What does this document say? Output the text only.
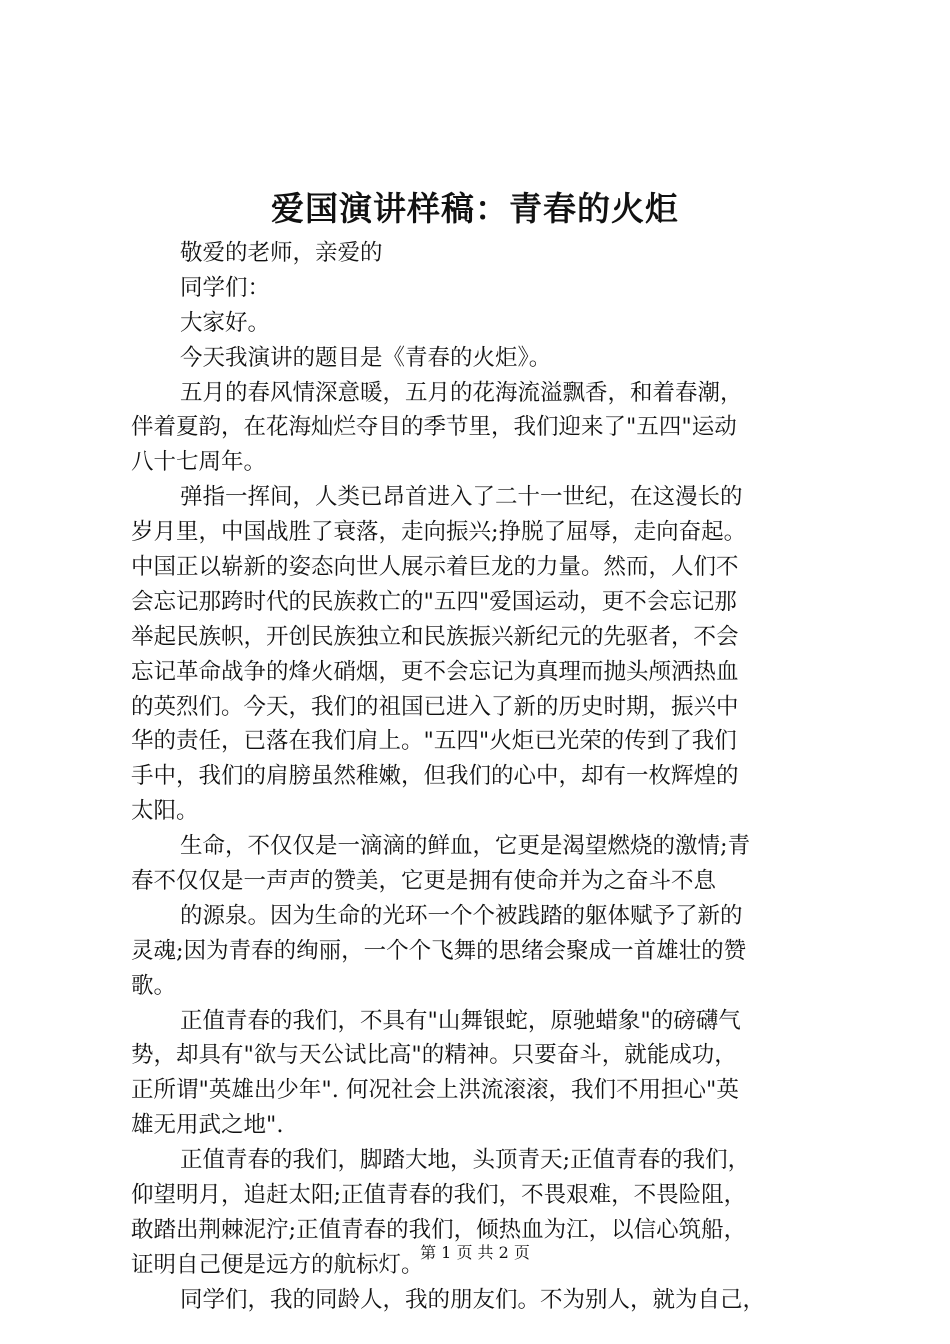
爱国演讲样稿：青春的火炬
敬爱的老师，亲爱的
同学们：
大家好。
今天我演讲的题目是《青春的火炬》。
五月的春风情深意暖，五月的花海流溢飘香，和着春潮，
伴着夏韵，在花海灿烂夺目的季节里，我们迎来了"五四"运动
八十七周年。
弹指一挥间，人类已昂首进入了二十一世纪，在这漫长的
岁月里，中国战胜了衰落，走向振兴;挣脱了屈辱，走向奋起。
中国正以崭新的姿态向世人展示着巨龙的力量。然而，人们不
会忘记那跨时代的民族救亡的"五四"爱国运动，更不会忘记那
举起民族帜，开创民族独立和民族振兴新纪元的先驱者，不会
忘记革命战争的烽火硝烟，更不会忘记为真理而抛头颅洒热血
的英烈们。今天，我们的祖国已进入了新的历史时期，振兴中
华的责任，已落在我们肩上。"五四"火炬已光荣的传到了我们
手中，我们的肩膀虽然稚嫩，但我们的心中，却有一枚辉煌的
太阳。
生命，不仅仅是一滴滴的鲜血，它更是渴望燃烧的激情;青
春不仅仅是一声声的赞美，它更是拥有使命并为之奋斗不息
的源泉。因为生命的光环一个个被践踏的躯体赋予了新的
灵魂;因为青春的绚丽，一个个飞舞的思绪会聚成一首雄壮的赞
歌。
正值青春的我们，不具有"山舞银蛇，原驰蜡象"的磅礴气
势，却具有"欲与天公试比高"的精神。只要奋斗，就能成功，
正所谓"英雄出少年". 何况社会上洪流滚滚，我们不用担心"英
雄无用武之地".
正值青春的我们，脚踏大地，头顶青天;正值青春的我们，
仰望明月，追赶太阳;正值青春的我们，不畏艰难，不畏险阻，
敢踏出荆棘泥泞;正值青春的我们，倾热血为江，以信心筑船，
证明自己便是远方的航标灯。
同学们，我的同龄人，我的朋友们。不为别人，就为自己，
第 1 页 共 2 页
